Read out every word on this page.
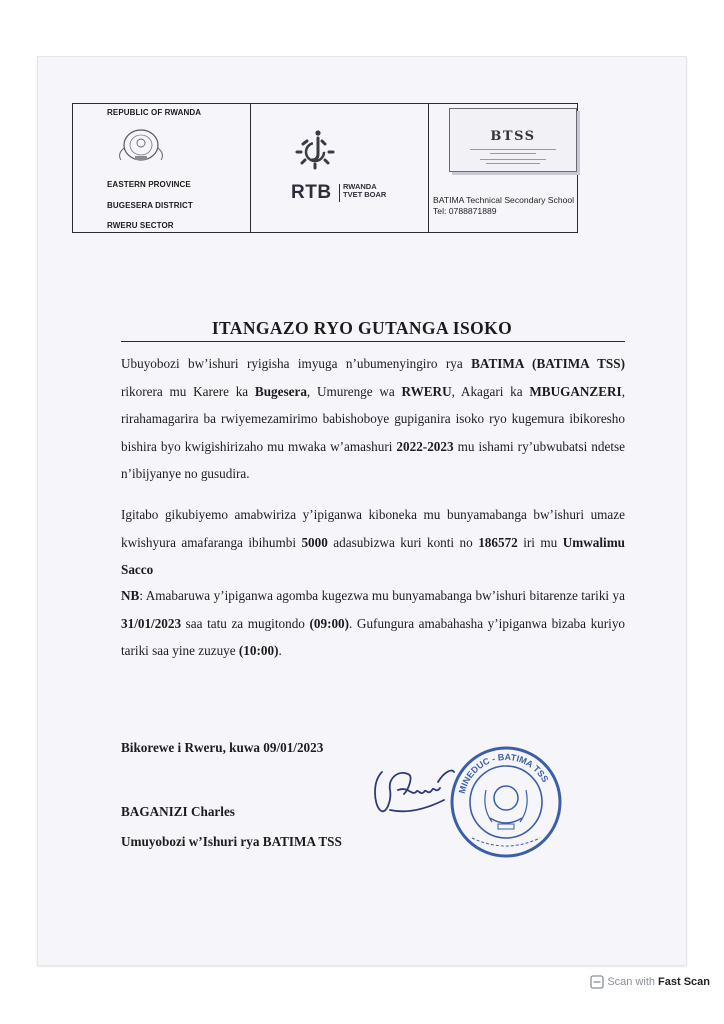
REPUBLIC OF RWANDA
EASTERN PROVINCE
BUGESERA DISTRICT
RWERU SECTOR
RTB RWANDA
TVET BOAR
BTSS
BATIMA Technical Secondary School
Tel: 0788871889
ITANGAZO RYO GUTANGA ISOKO
Ubuyobozi bw’ishuri ryigisha imyuga n’ubumenyingiro rya BATIMA (BATIMA TSS) rikorera mu Karere ka Bugesera, Umurenge wa RWERU, Akagari ka MBUGANZERI, rirahamagarira ba rwiyemezamirimo babishoboye gupiganira isoko ryo kugemura ibikoresho bishira byo kwigishirizaho mu mwaka w’amashuri 2022-2023 mu ishami ry’ubwubatsi ndetse n’ibijyanye no gusudira.
Igitabo gikubiyemo amabwiriza y’ipiganwa kiboneka mu bunyamabanga bw’ishuri umaze kwishyura amafaranga ibihumbi 5000 adasubizwa kuri konti no 186572 iri mu Umwalimu Sacco
NB: Amabaruwa y’ipiganwa agomba kugezwa mu bunyamabanga bw’ishuri bitarenze tariki ya 31/01/2023 saa tatu za mugitondo (09:00). Gufungura amabahasha y’ipiganwa bizaba kuriyo tariki saa yine zuzuye (10:00).
Bikorewe i Rweru, kuwa 09/01/2023
BAGANIZI Charles
Umuyobozi w’Ishuri rya BATIMA TSS
MINEDUC - BATIMA TSS
Scan with Fast Scan
